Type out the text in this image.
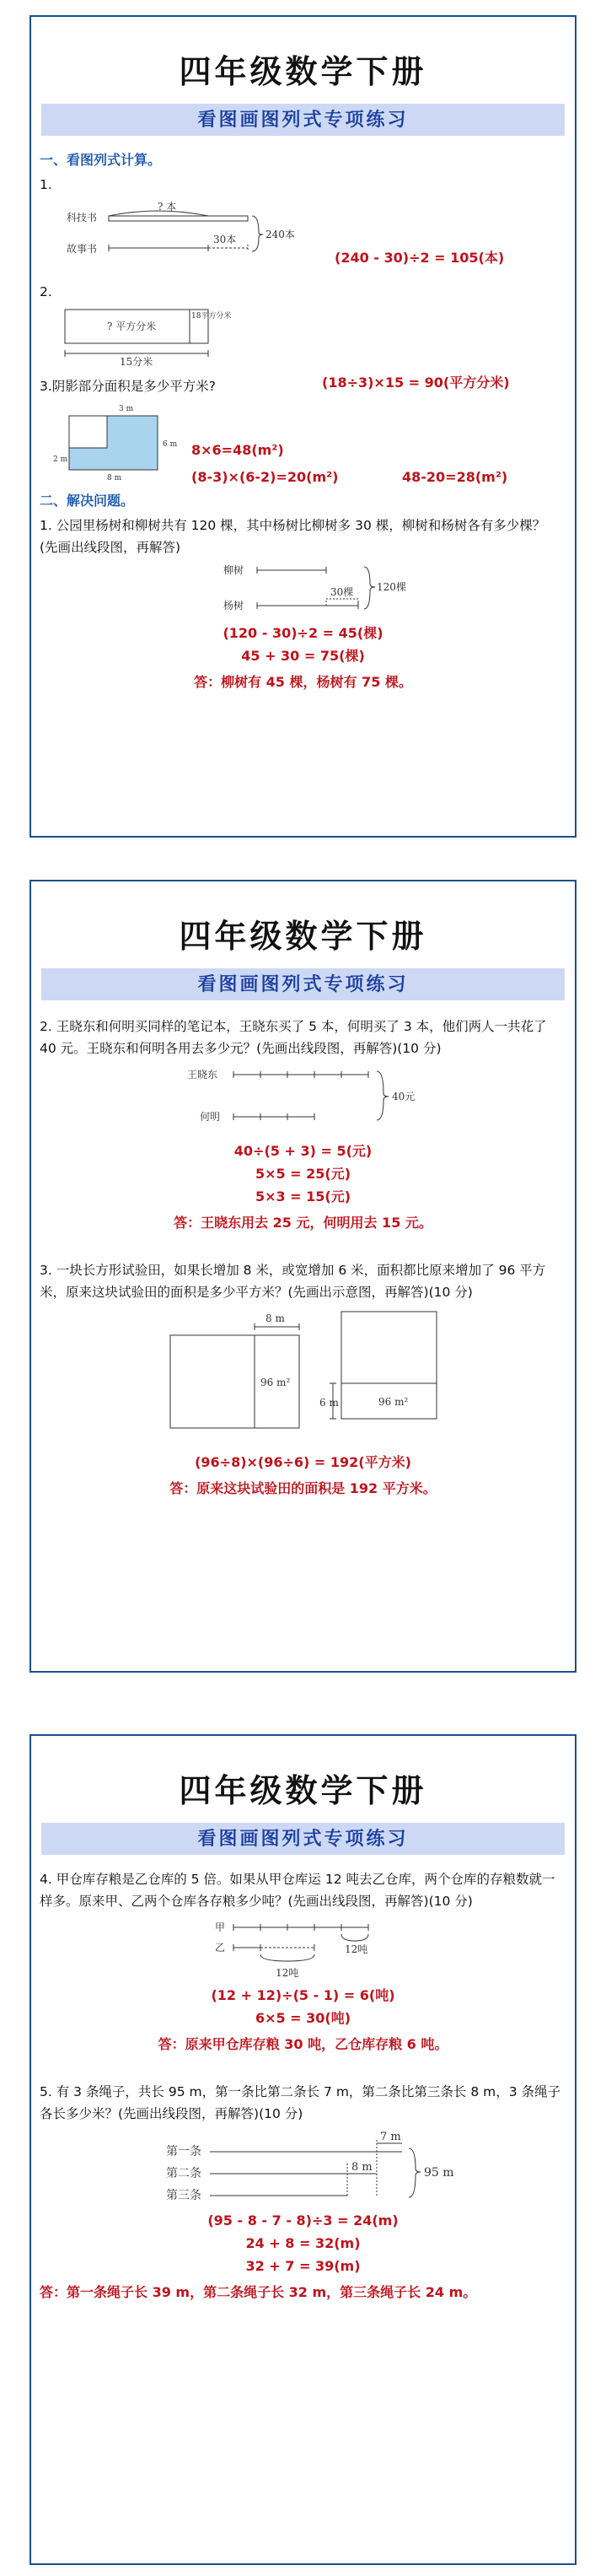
四年级数学下册
看图画图列式专项练习
一、看图列式计算。
1.
科技书
故事书
? 本
30本	240本
(240 - 30)÷2 = 105(本)
2.
? 平方分米
18平方分米
15分米
(18÷3)×15 = 90(平方分米)
3.阴影部分面积是多少平方米?
3 m
2 m
6 m
8 m
8×6=48(m²)
(8-3)×(6-2)=20(m²)	48-20=28(m²)
二、解决问题。
1. 公园里杨树和柳树共有 120 棵，其中杨树比柳树多 30 棵，柳树和杨树各有多少棵？(先画出线段图，再解答)
柳树
杨树
30棵 120棵
(120 - 30)÷2 = 45(棵)
45 + 30 = 75(棵)
答：柳树有 45 棵，杨树有 75 棵。
四年级数学下册
看图画图列式专项练习
2. 王晓东和何明买同样的笔记本，王晓东买了 5 本，何明买了 3 本，他们两人一共花了 40 元。王晓东和何明各用去多少元？(先画出线段图，再解答)(10 分)
王晓东
何明
40元
40÷(5 + 3) = 5(元)
5×5 = 25(元)
5×3 = 15(元)
答：王晓东用去 25 元，何明用去 15 元。
3. 一块长方形试验田，如果长增加 8 米，或宽增加 6 米，面积都比原来增加了 96 平方米，原来这块试验田的面积是多少平方米？(先画出示意图，再解答)(10 分)
8 m
96 m²
6 m	96 m²
(96÷8)×(96÷6) = 192(平方米)
答：原来这块试验田的面积是 192 平方米。
四年级数学下册
看图画图列式专项练习
4. 甲仓库存粮是乙仓库的 5 倍。如果从甲仓库运 12 吨去乙仓库，两个仓库的存粮数就一样多。原来甲、乙两个仓库各存粮多少吨？(先画出线段图，再解答)(10 分)
甲
乙	12吨
12吨
(12 + 12)÷(5 - 1) = 6(吨)
6×5 = 30(吨)
答：原来甲仓库存粮 30 吨，乙仓库存粮 6 吨。
5. 有 3 条绳子，共长 95 m，第一条比第二条长 7 m，第二条比第三条长 8 m，3 条绳子各长多少米？(先画出线段图，再解答)(10 分)
第一条
第二条
第三条
7 m
8 m	95 m
(95 - 8 - 7 - 8)÷3 = 24(m)
24 + 8 = 32(m)
32 + 7 = 39(m)
答：第一条绳子长 39 m，第二条绳子长 32 m，第三条绳子长 24 m。
